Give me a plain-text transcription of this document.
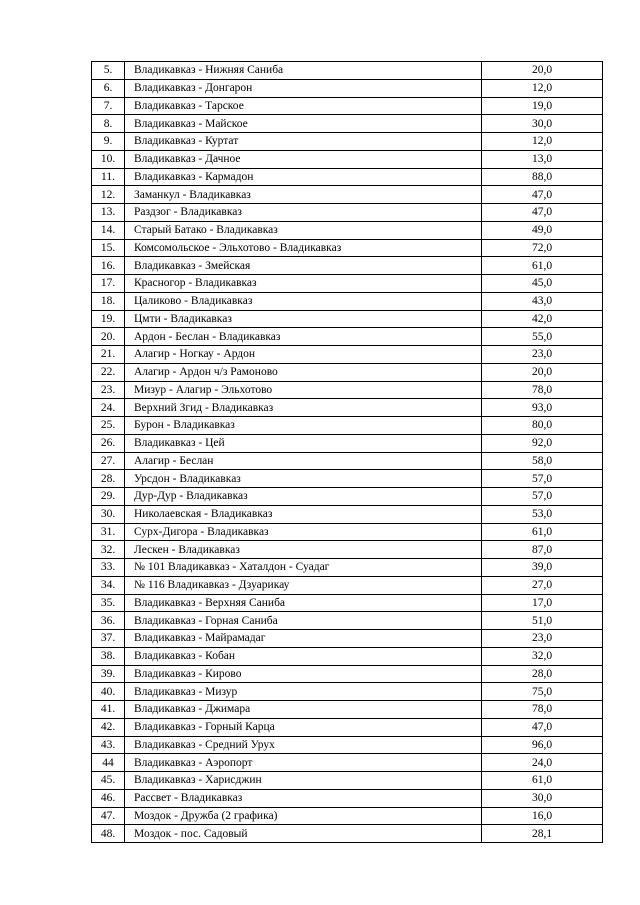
5.	Владикавказ - Нижняя Саниба	20,0
6.	Владикавказ - Донгарон	12,0
7.	Владикавказ - Тарское	19,0
8.	Владикавказ - Майское	30,0
9.	Владикавказ - Куртат	12,0
10.	Владикавказ - Дачное	13,0
11.	Владикавказ - Кармадон	88,0
12.	Заманкул - Владикавказ	47,0
13.	Раздзог - Владикавказ	47,0
14.	Старый Батако - Владикавказ	49,0
15.	Комсомольское - Эльхотово - Владикавказ	72,0
16.	Владикавказ - Змейская	61,0
17.	Красногор - Владикавказ	45,0
18.	Цаликово - Владикавказ	43,0
19.	Цмти - Владикавказ	42,0
20.	Ардон - Беслан - Владикавказ	55,0
21.	Алагир - Ногкау - Ардон	23,0
22.	Алагир - Ардон ч/з Рамоново	20,0
23.	Мизур - Алагир - Эльхотово	78,0
24.	Верхний Згид - Владикавказ	93,0
25.	Бурон - Владикавказ	80,0
26.	Владикавказ - Цей	92,0
27.	Алагир - Беслан	58,0
28.	Урсдон - Владикавказ	57,0
29.	Дур-Дур - Владикавказ	57,0
30.	Николаевская - Владикавказ	53,0
31.	Сурх-Дигора - Владикавказ	61,0
32.	Лескен - Владикавказ	87,0
33.	№ 101 Владикавказ - Хаталдон - Суадаг	39,0
34.	№ 116 Владикавказ - Дзуарикау	27,0
35.	Владикавказ - Верхняя Саниба	17,0
36.	Владикавказ - Горная Саниба	51,0
37.	Владикавказ - Майрамадаг	23,0
38.	Владикавказ - Кобан	32,0
39.	Владикавказ - Кирово	28,0
40.	Владикавказ - Мизур	75,0
41.	Владикавказ - Джимара	78,0
42.	Владикавказ - Горный Карца	47,0
43.	Владикавказ - Средний Урух	96,0
44	Владикавказ - Аэропорт	24,0
45.	Владикавказ - Харисджин	61,0
46.	Рассвет - Владикавказ	30,0
47.	Моздок - Дружба (2 графика)	16,0
48.	Моздок - пос. Садовый	28,1
